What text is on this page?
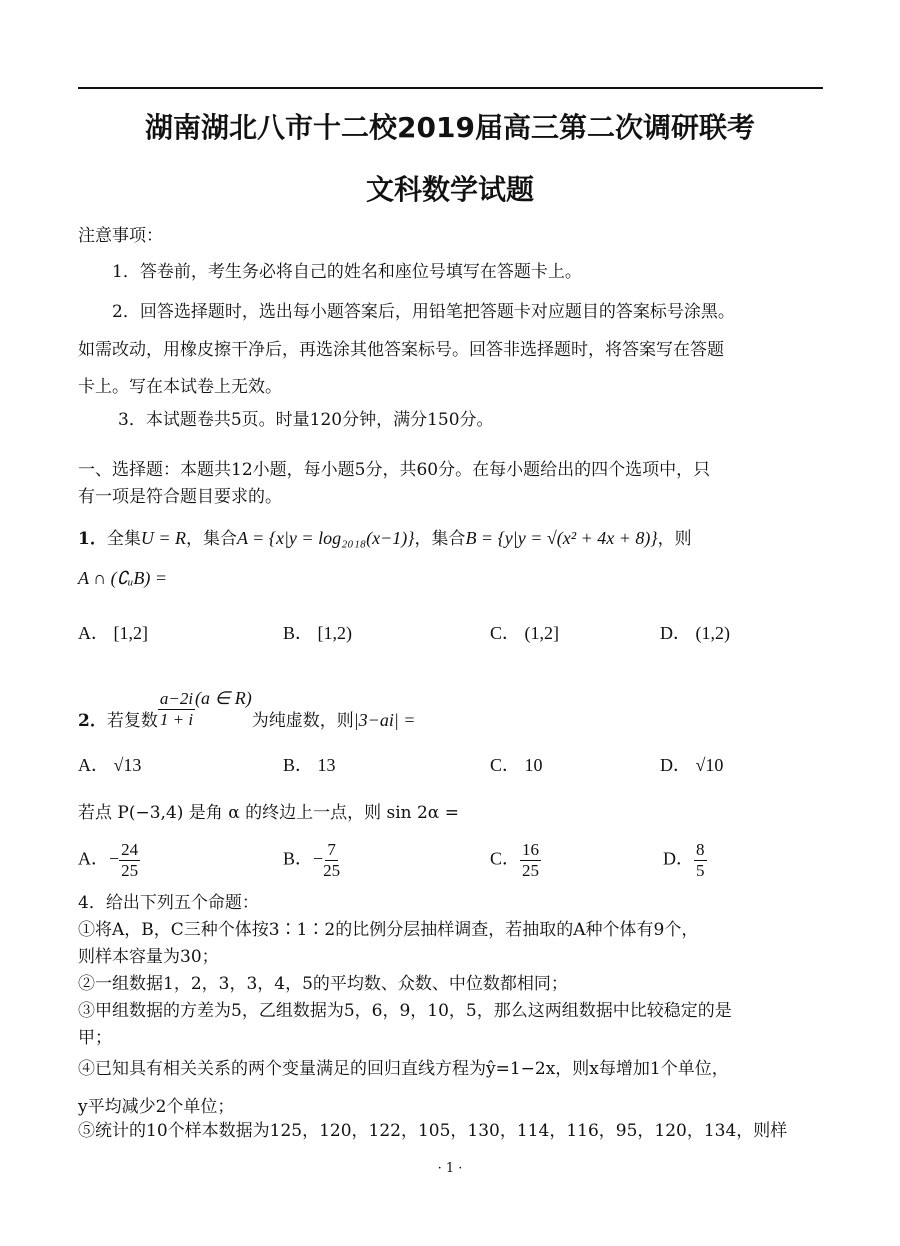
湖南湖北八市十二校2019届高三第二次调研联考
文科数学试题
注意事项：
1．答卷前，考生务必将自己的姓名和座位号填写在答题卡上。
2．回答选择题时，选出每小题答案后，用铅笔把答题卡对应题目的答案标号涂黑。
如需改动，用橡皮擦干净后，再选涂其他答案标号。回答非选择题时，将答案写在答题
卡上。写在本试卷上无效。
3．本试题卷共5页。时量120分钟，满分150分。
一、选择题：本题共12小题，每小题5分，共60分。在每小题给出的四个选项中，只
有一项是符合题目要求的。
1．全集U = R，集合A = {x|y = log₂₀₁₈(x−1)}，集合B = {y|y = √(x² + 4x + 8)}，则
A ∩ (∁ᵤB) =
A． [1,2]	B． [1,2)	C． (1,2]	D． (1,2)
2．若复数 $\frac{a-2i}{1 + i} (a$ ∈ R)为纯虚数，则|3−ai| =
A． √13	B． 13	C． 10	D． √10
若点 P(−3,4) 是角 α 的终边上一点，则 sin 2α =
A．− $\frac{24}{25}$	B．− $\frac{7}{25}$	C． $\frac{16}{25}$	D． $\frac{8}{5}$
4．给出下列五个命题：
①将A，B，C三种个体按3∶1∶2的比例分层抽样调查，若抽取的A种个体有9个，
则样本容量为30；
②一组数据1，2，3，3，4，5的平均数、众数、中位数都相同；
③甲组数据的方差为5，乙组数据为5，6，9，10，5，那么这两组数据中比较稳定的是
甲；
④已知具有相关关系的两个变量满足的回归直线方程为ŷ=1−2x，则x每增加1个单位，
y平均减少2个单位；
⑤统计的10个样本数据为125，120，122，105，130，114，116，95，120，134，则样
· 1 ·
